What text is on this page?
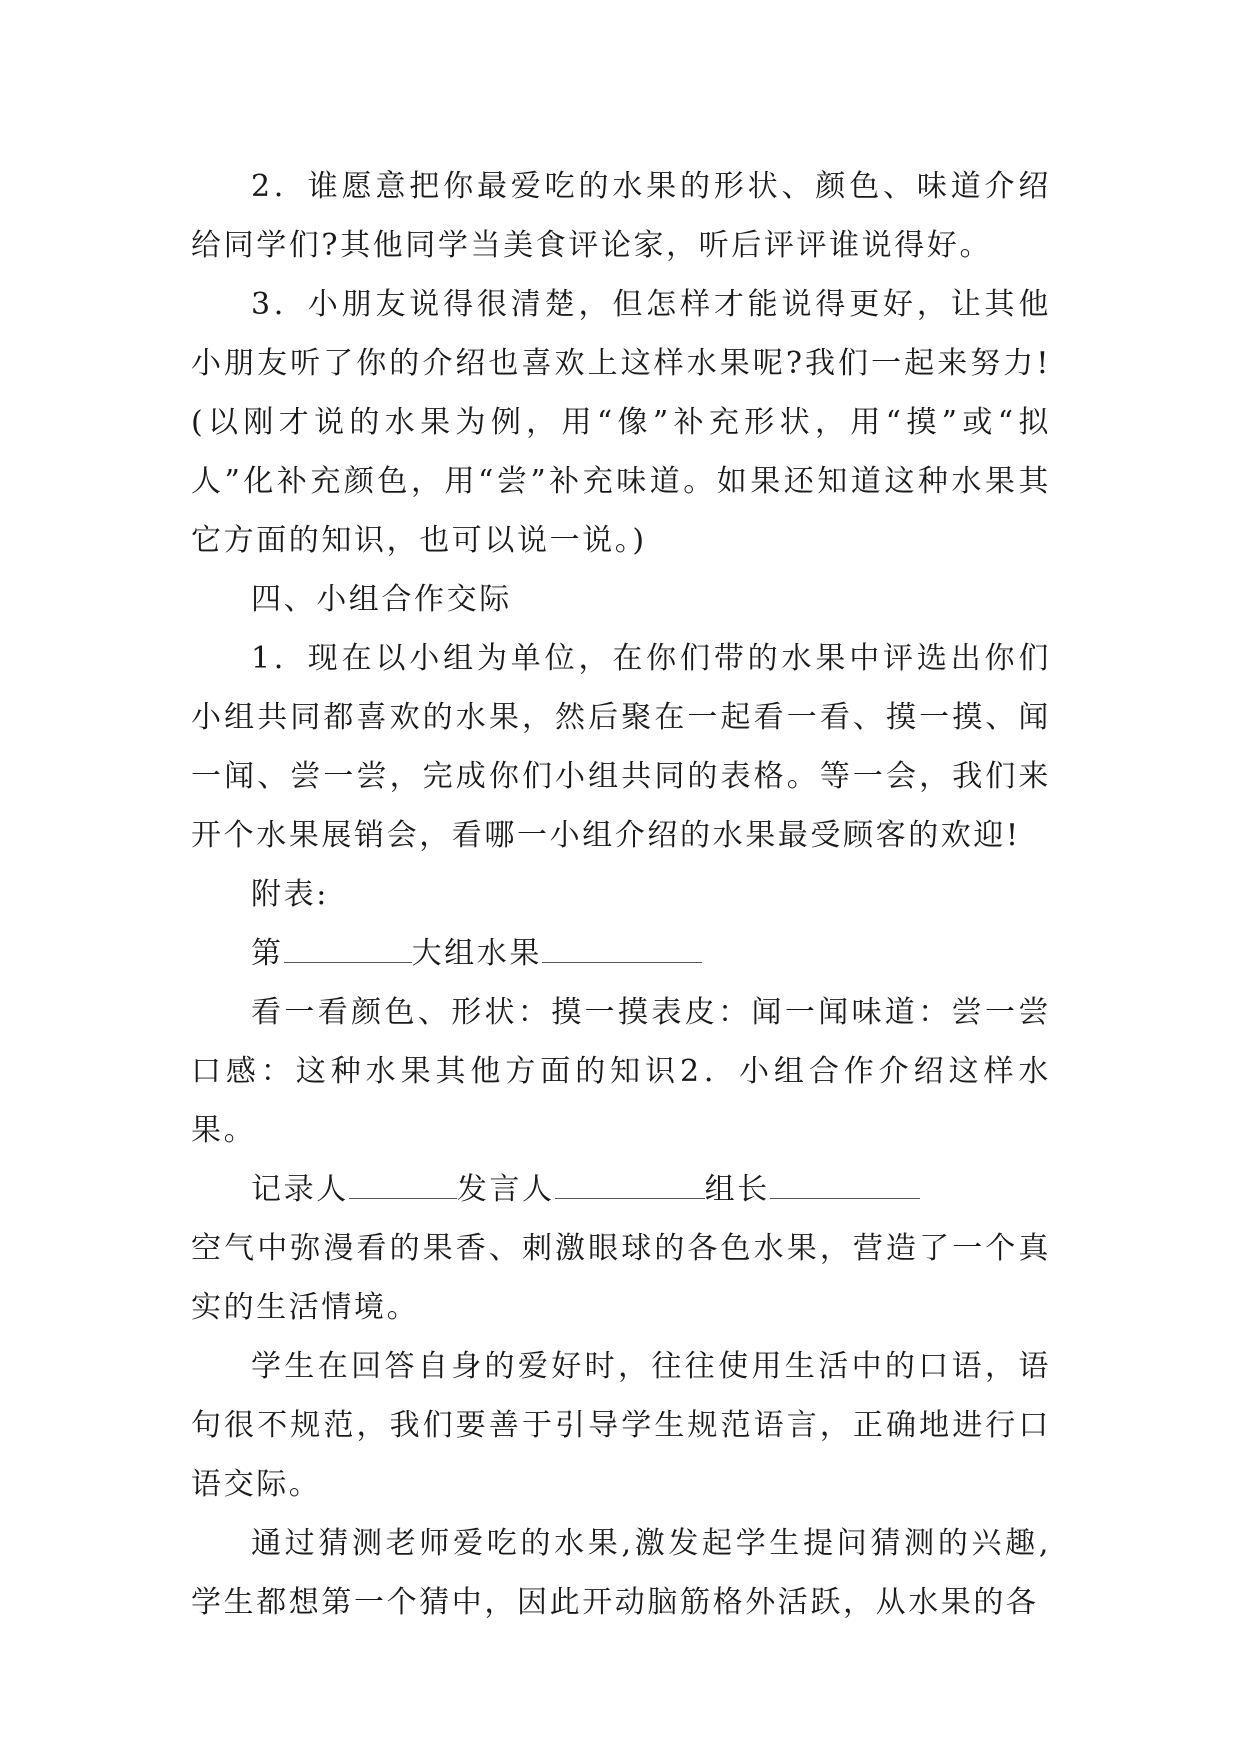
2．谁愿意把你最爱吃的水果的形状、颜色、味道介绍给同学们?其他同学当美食评论家，听后评评谁说得好。

3．小朋友说得很清楚，但怎样才能说得更好，让其他小朋友听了你的介绍也喜欢上这样水果呢?我们一起来努力!(以刚才说的水果为例，用“像”补充形状，用“摸”或“拟人”化补充颜色，用“尝”补充味道。如果还知道这种水果其它方面的知识，也可以说一说。)

四、小组合作交际

1．现在以小组为单位，在你们带的水果中评选出你们小组共同都喜欢的水果，然后聚在一起看一看、摸一摸、闻一闻、尝一尝，完成你们小组共同的表格。等一会，我们来开个水果展销会，看哪一小组介绍的水果最受顾客的欢迎!

附表:

第	大组水果

看一看颜色、形状：摸一摸表皮：闻一闻味道：尝一尝口感：这种水果其他方面的知识2．小组合作介绍这样水果。

记录人	发言人	组长

空气中弥漫看的果香、刺激眼球的各色水果，营造了一个真实的生活情境。

学生在回答自身的爱好时，往往使用生活中的口语，语句很不规范，我们要善于引导学生规范语言，正确地进行口语交际。

通过猜测老师爱吃的水果,激发起学生提问猜测的兴趣,学生都想第一个猜中，因此开动脑筋格外活跃，从水果的各
